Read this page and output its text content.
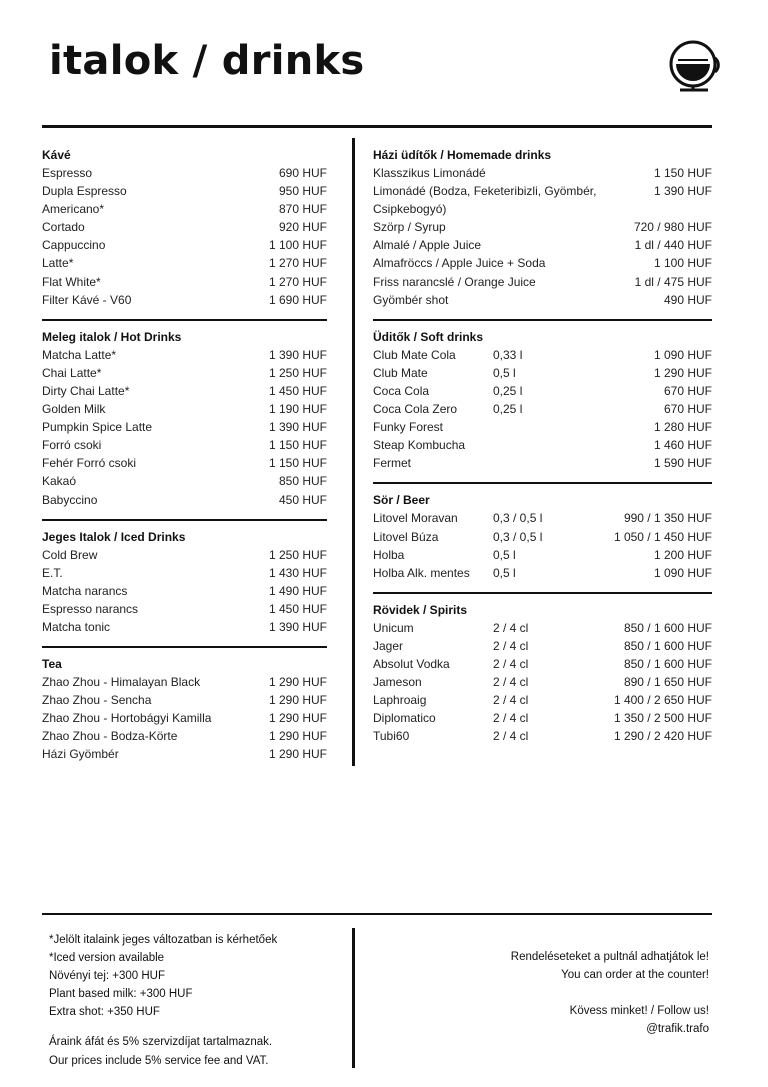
italok / drinks
Kávé
Espresso	690 HUF
Dupla Espresso	950 HUF
Americano*	870 HUF
Cortado	920 HUF
Cappuccino	1 100 HUF
Latte*	1 270 HUF
Flat White*	1 270 HUF
Filter Kávé - V60	1 690 HUF
Meleg italok / Hot Drinks
Matcha Latte*	1 390 HUF
Chai Latte*	1 250 HUF
Dirty Chai Latte*	1 450 HUF
Golden Milk	1 190 HUF
Pumpkin Spice Latte	1 390 HUF
Forró csoki	1 150 HUF
Fehér Forró csoki	1 150 HUF
Kakaó	850 HUF
Babyccino	450 HUF
Jeges Italok / Iced Drinks
Cold Brew	1 250 HUF
E.T.	1 430 HUF
Matcha narancs	1 490 HUF
Espresso narancs	1 450 HUF
Matcha tonic	1 390 HUF
Tea
Zhao Zhou - Himalayan Black	1 290 HUF
Zhao Zhou - Sencha	1 290 HUF
Zhao Zhou - Hortobágyi Kamilla	1 290 HUF
Zhao Zhou - Bodza-Körte	1 290 HUF
Házi Gyömbér	1 290 HUF
Házi üdítők / Homemade drinks
Klasszikus Limonádé	1 150 HUF
Limonádé (Bodza, Feketeribizli, Gyömbér, Csipkebogyó)
1 390 HUF
Szörp / Syrup	720 / 980 HUF
Almalé / Apple Juice	1 dl / 440 HUF
Almafröccs / Apple Juice + Soda	1 100 HUF
Friss narancslé / Orange Juice	1 dl / 475 HUF
Gyömbér shot	490 HUF
Üditők / Soft drinks
Club Mate Cola	0,33 l	1 090 HUF
Club Mate	0,5 l	1 290 HUF
Coca Cola	0,25 l	670 HUF
Coca Cola Zero	0,25 l	670 HUF
Funky Forest	1 280 HUF
Steap Kombucha	1 460 HUF
Fermet	1 590 HUF
Sör / Beer
Litovel Moravan	0,3 / 0,5 l	990 / 1 350 HUF
Litovel Búza	0,3 / 0,5 l	1 050 / 1 450 HUF
Holba	0,5 l	1 200 HUF
Holba Alk. mentes	0,5 l	1 090 HUF
Rövidek / Spirits
Unicum	2 / 4 cl	850 / 1 600 HUF
Jager	2 / 4 cl	850 / 1 600 HUF
Absolut Vodka	2 / 4 cl	850 / 1 600 HUF
Jameson	2 / 4 cl	890 / 1 650 HUF
Laphroaig	2 / 4 cl	1 400 / 2 650 HUF
Diplomatico	2 / 4 cl	1 350 / 2 500 HUF
Tubi60	2 / 4 cl	1 290 / 2 420 HUF
*Jelölt italaink jeges változatban is kérhetőek
*Iced version available
Növényi tej: +300 HUF
Plant based milk: +300 HUF
Extra shot: +350 HUF
Áraink áfát és 5% szervizdíjat tartalmaznak.
Our prices include 5% service fee and VAT.
Rendeléseteket a pultnál adhatjátok le!
You can order at the counter!
Kövess minket! / Follow us!
@trafik.trafo
